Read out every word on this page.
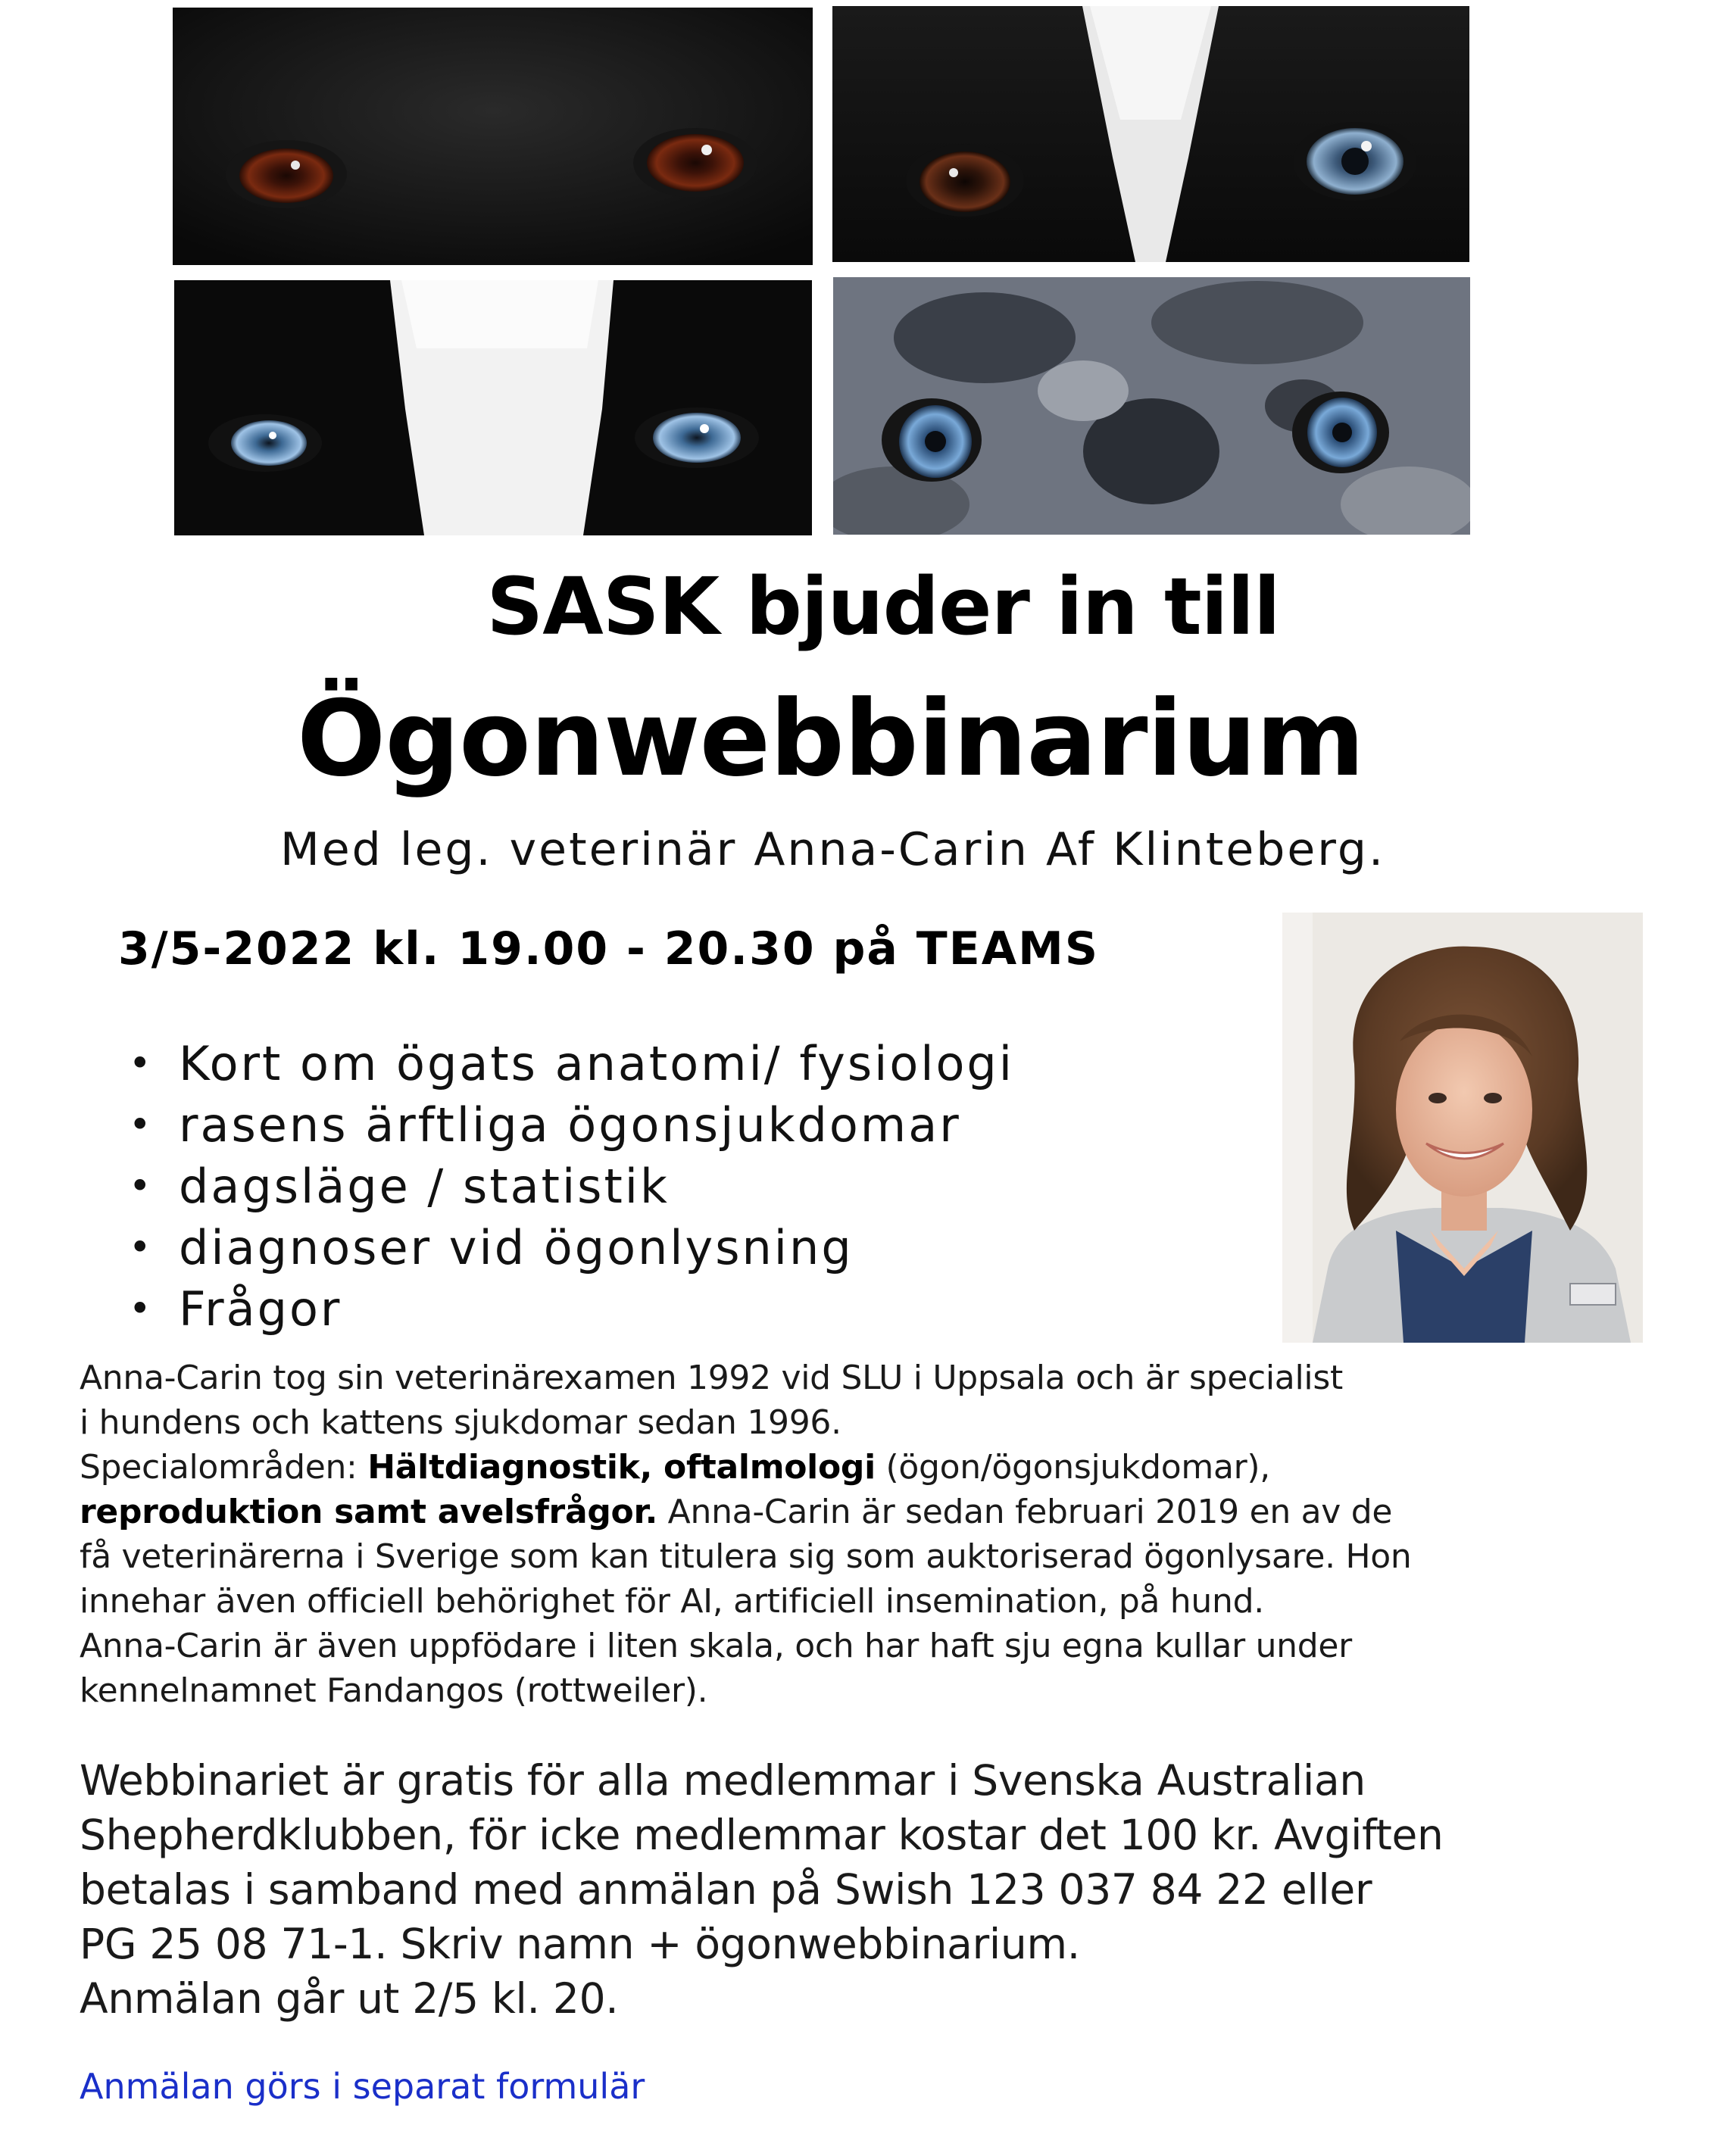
SASK bjuder in till
Ögonwebbinarium
Med leg. veterinär Anna-Carin Af Klinteberg.
3/5-2022 kl. 19.00 - 20.30 på TEAMS
• Kort om ögats anatomi/ fysiologi
• rasens ärftliga ögonsjukdomar
• dagsläge / statistik
• diagnoser vid ögonlysning
• Frågor
Anna-Carin tog sin veterinärexamen 1992 vid SLU i Uppsala och är specialist
i hundens och kattens sjukdomar sedan 1996.
Specialområden: Hältdiagnostik, oftalmologi (ögon/ögonsjukdomar),
reproduktion samt avelsfrågor. Anna-Carin är sedan februari 2019 en av de
få veterinärerna i Sverige som kan titulera sig som auktoriserad ögonlysare. Hon
innehar även officiell behörighet för AI, artificiell insemination, på hund.
Anna-Carin är även uppfödare i liten skala, och har haft sju egna kullar under
kennelnamnet Fandangos (rottweiler).
Webbinariet är gratis för alla medlemmar i Svenska Australian
Shepherdklubben, för icke medlemmar kostar det 100 kr. Avgiften
betalas i samband med anmälan på Swish 123 037 84 22 eller
PG 25 08 71-1. Skriv namn + ögonwebbinarium.
Anmälan går ut 2/5 kl. 20.
Anmälan görs i separat formulär
